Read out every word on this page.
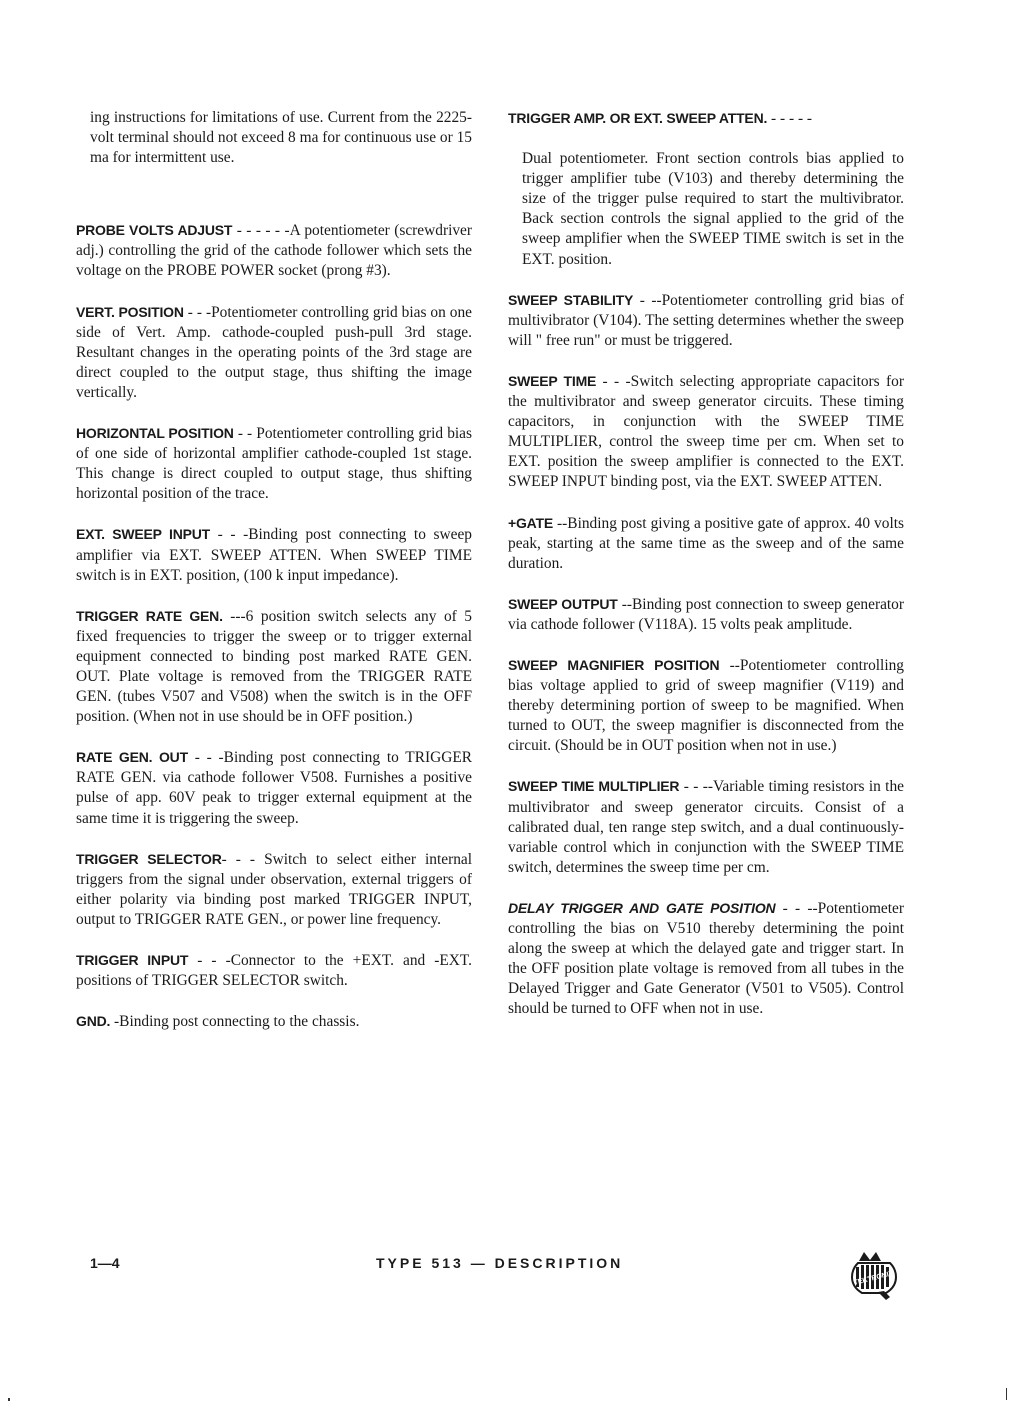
ing instructions for limitations of use. Current from the 2225-volt terminal should not exceed 8 ma for continuous use or 15 ma for intermittent use.

PROBE VOLTS ADJUST - - - - - -A potentiometer (screwdriver adj.) controlling the grid of the cathode follower which sets the voltage on the PROBE POWER socket (prong #3).

VERT. POSITION - - -Potentiometer controlling grid bias on one side of Vert. Amp. cathode-coupled push-pull 3rd stage. Resultant changes in the operating points of the 3rd stage are direct coupled to the output stage, thus shifting the image vertically.

HORIZONTAL POSITION - - Potentiometer controlling grid bias of one side of horizontal amplifier cathode-coupled 1st stage. This change is direct coupled to output stage, thus shifting horizontal position of the trace.

EXT. SWEEP INPUT - - -Binding post connecting to sweep amplifier via EXT. SWEEP ATTEN. When SWEEP TIME switch is in EXT. position, (100 k input impedance).

TRIGGER RATE GEN. ---6 position switch selects any of 5 fixed frequencies to trigger the sweep or to trigger external equipment connected to binding post marked RATE GEN. OUT. Plate voltage is removed from the TRIGGER RATE GEN. (tubes V507 and V508) when the switch is in the OFF position. (When not in use should be in OFF position.)

RATE GEN. OUT - - -Binding post connecting to TRIGGER RATE GEN. via cathode follower V508. Furnishes a positive pulse of app. 60V peak to trigger external equipment at the same time it is triggering the sweep.

TRIGGER SELECTOR- - - Switch to select either internal triggers from the signal under observation, external triggers of either polarity via binding post marked TRIGGER INPUT, output to TRIGGER RATE GEN., or power line frequency.

TRIGGER INPUT - - -Connector to the +EXT. and -EXT. positions of TRIGGER SELECTOR switch.

GND. -Binding post connecting to the chassis.

TRIGGER AMP. OR EXT. SWEEP ATTEN. - - - - -
Dual potentiometer. Front section controls bias applied to trigger amplifier tube (V103) and thereby determining the size of the trigger pulse required to start the multivibrator. Back section controls the signal applied to the grid of the sweep amplifier when the SWEEP TIME switch is set in the EXT. position.

SWEEP STABILITY - --Potentiometer controlling grid bias of multivibrator (V104). The setting determines whether the sweep will " free run" or must be triggered.

SWEEP TIME - - -Switch selecting appropriate capacitors for the multivibrator and sweep generator circuits. These timing capacitors, in conjunction with the SWEEP TIME MULTIPLIER, control the sweep time per cm. When set to EXT. position the sweep amplifier is connected to the EXT. SWEEP INPUT binding post, via the EXT. SWEEP ATTEN.

+GATE --Binding post giving a positive gate of approx. 40 volts peak, starting at the same time as the sweep and of the same duration.

SWEEP OUTPUT --Binding post connection to sweep generator via cathode follower (V118A). 15 volts peak amplitude.

SWEEP MAGNIFIER POSITION --Potentiometer controlling bias voltage applied to grid of sweep magnifier (V119) and thereby determining portion of sweep to be magnified. When turned to OUT, the sweep magnifier is disconnected from the circuit. (Should be in OUT position when not in use.)

SWEEP TIME MULTIPLIER - - --Variable timing resistors in the multivibrator and sweep generator circuits. Consist of a calibrated dual, ten range step switch, and a dual continuously-variable control which in conjunction with the SWEEP TIME switch, determines the sweep time per cm.

DELAY TRIGGER AND GATE POSITION - - --Potentiometer controlling the bias on V510 thereby determining the point along the sweep at which the delayed gate and trigger start. In the OFF position plate voltage is removed from all tubes in the Delayed Trigger and Gate Generator (V501 to V505). Control should be turned to OFF when not in use.

1—4	TYPE 513 — DESCRIPTION
TEKTRONIX
